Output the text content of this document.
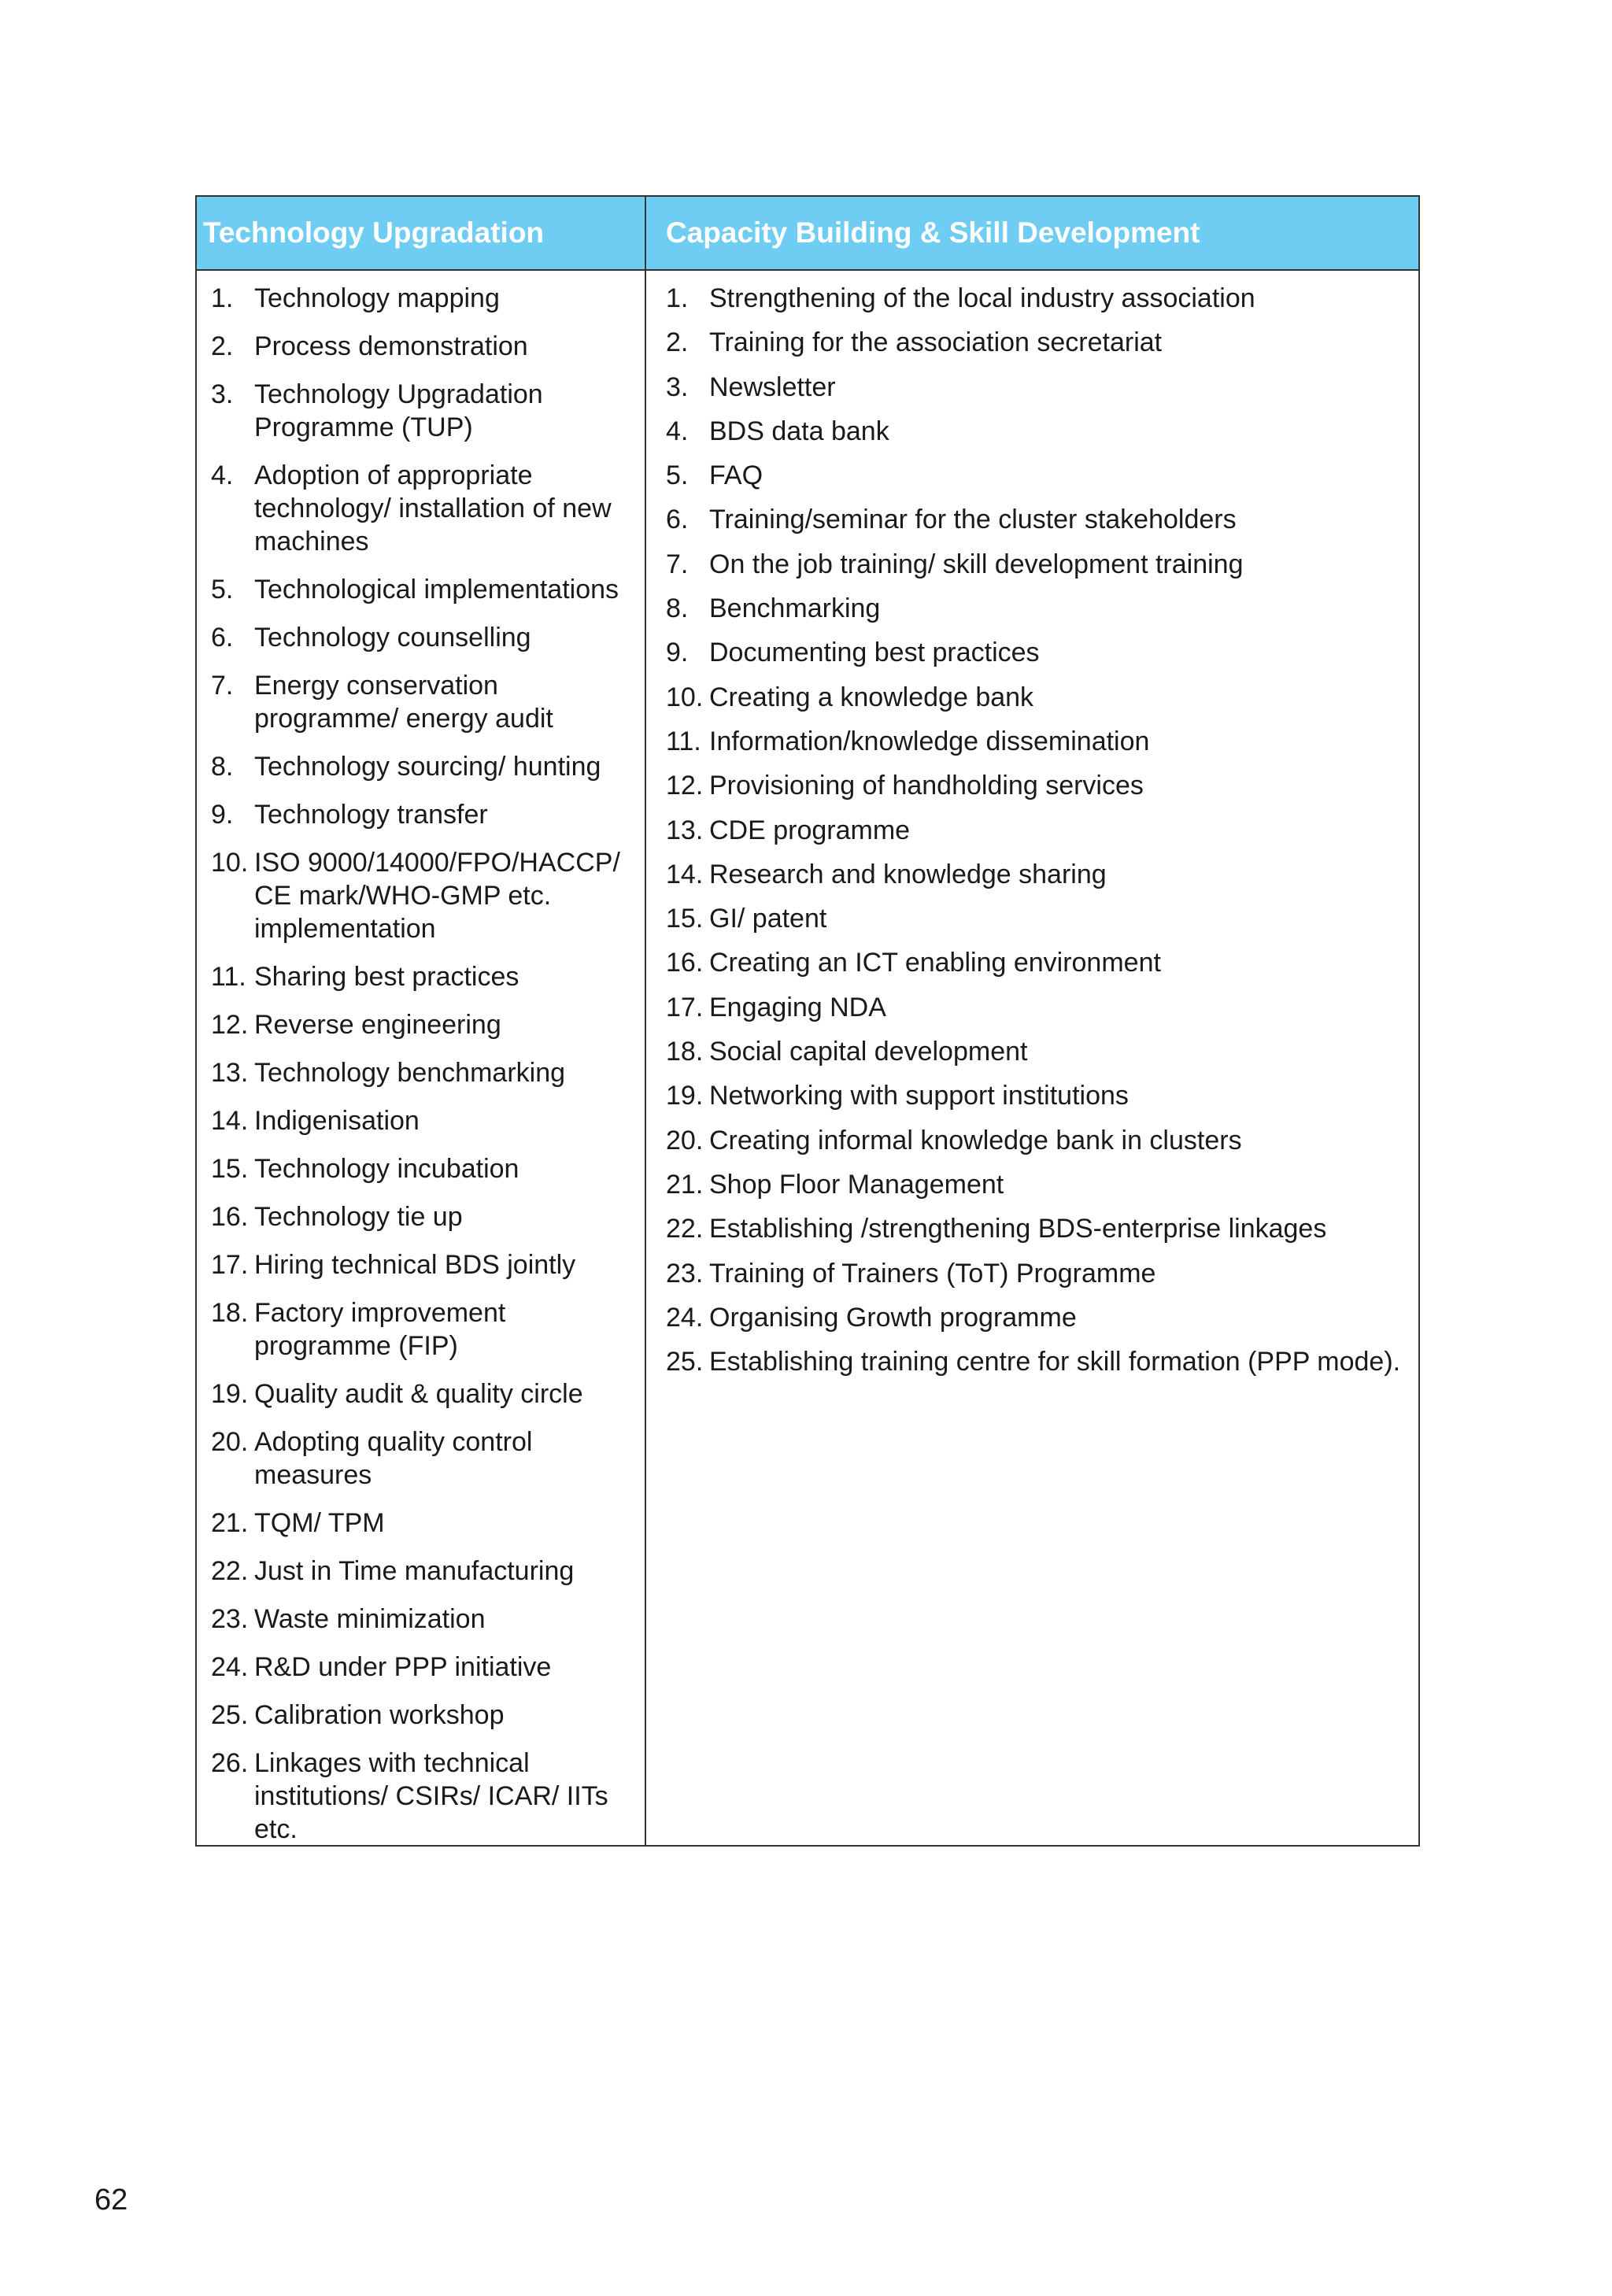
Technology Upgradation	Capacity Building & Skill Development
1. Technology mapping
2. Process demonstration
3. Technology Upgradation
Programme (TUP)
4. Adoption of appropriate
technology/ installation of new
machines
5. Technological implementations
6. Technology counselling
7. Energy conservation
programme/ energy audit
8. Technology sourcing/ hunting
9. Technology transfer
10. ISO 9000/14000/FPO/HACCP/
CE mark/WHO-GMP etc.
implementation
11. Sharing best practices
12. Reverse engineering
13. Technology benchmarking
14. Indigenisation
15. Technology incubation
16. Technology tie up
17.Hiring technical BDS jointly
18. Factory improvement
programme (FIP)
19. Quality audit & quality circle
20. Adopting quality control
measures
21. TQM/ TPM
22. Just in Time manufacturing
23.Waste minimization
24. R&D under PPP initiative
25. Calibration workshop
26. Linkages with technical
institutions/ CSIRs/ ICAR/ IITs
etc.
1. Strengthening of the local industry association
2. Training for the association secretariat
3. Newsletter
4. BDS data bank
5. FAQ
6. Training/seminar for the cluster stakeholders
7. On the job training/ skill development training
8. Benchmarking
9. Documenting best practices
10. Creating a knowledge bank
11. Information/knowledge dissemination
12. Provisioning of handholding services
13. CDE programme
14. Research and knowledge sharing
15. GI/ patent
16. Creating an ICT enabling environment
17. Engaging NDA
18. Social capital development
19.Networking with support institutions
20. Creating informal knowledge bank in clusters
21. Shop Floor Management
22. Establishing /strengthening BDS-enterprise linkages
23. Training of Trainers (ToT) Programme
24. Organising Growth programme
25. Establishing training centre for skill formation (PPP mode).
62
